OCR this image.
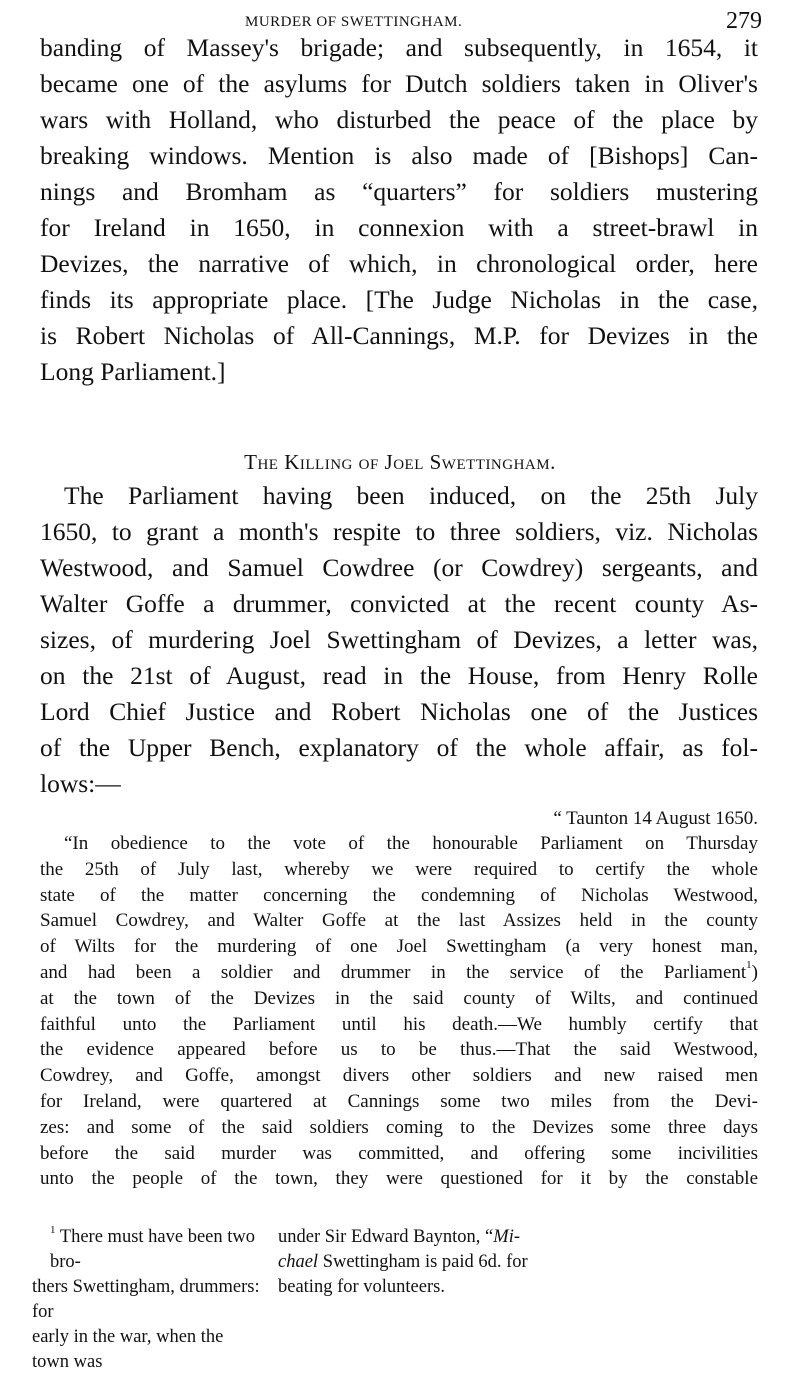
MURDER OF SWETTINGHAM.	279
banding of Massey's brigade; and subsequently, in 1654, it
became one of the asylums for Dutch soldiers taken in Oliver's
wars with Holland, who disturbed the peace of the place by
breaking windows. Mention is also made of [Bishops] Can-
nings and Bromham as “quarters” for soldiers mustering
for Ireland in 1650, in connexion with a street-brawl in
Devizes, the narrative of which, in chronological order, here
finds its appropriate place. [The Judge Nicholas in the case,
is Robert Nicholas of All-Cannings, M.P. for Devizes in the
Long Parliament.]
The Killing of Joel Swettingham.
The Parliament having been induced, on the 25th July
1650, to grant a month's respite to three soldiers, viz. Nicholas
Westwood, and Samuel Cowdree (or Cowdrey) sergeants, and
Walter Goffe a drummer, convicted at the recent county As-
sizes, of murdering Joel Swettingham of Devizes, a letter was,
on the 21st of August, read in the House, from Henry Rolle
Lord Chief Justice and Robert Nicholas one of the Justices
of the Upper Bench, explanatory of the whole affair, as fol-
lows:—
“ Taunton 14 August 1650.
“In obedience to the vote of the honourable Parliament on Thursday
the 25th of July last, whereby we were required to certify the whole
state of the matter concerning the condemning of Nicholas Westwood,
Samuel Cowdrey, and Walter Goffe at the last Assizes held in the county
of Wilts for the murdering of one Joel Swettingham (a very honest man,
and had been a soldier and drummer in the service of the Parliament$^1$)
at the town of the Devizes in the said county of Wilts, and continued
faithful unto the Parliament until his death.—We humbly certify that
the evidence appeared before us to be thus.—That the said Westwood,
Cowdrey, and Goffe, amongst divers other soldiers and new raised men
for Ireland, were quartered at Cannings some two miles from the Devi-
zes: and some of the said soldiers coming to the Devizes some three days
before the said murder was committed, and offering some incivilities
unto the people of the town, they were questioned for it by the constable
$^1$ There must have been two bro-
thers Swettingham, drummers: for
early in the war, when the town was
under Sir Edward Baynton, “Mi-
chael Swettingham is paid 6d. for
beating for volunteers.
